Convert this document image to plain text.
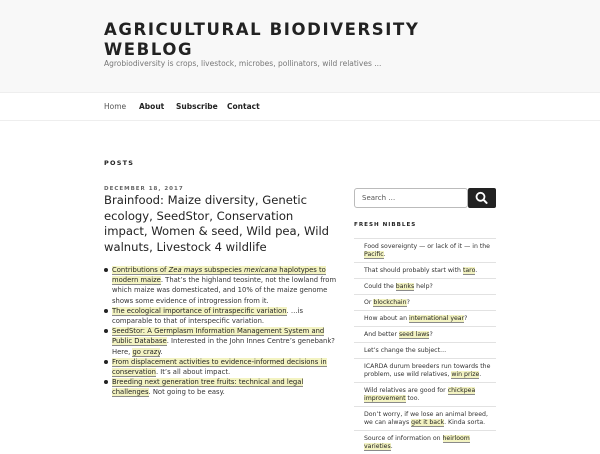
AGRICULTURAL BIODIVERSITY WEBLOG
Agrobiodiversity is crops, livestock, microbes, pollinators, wild relatives ...
Home About Subscribe Contact
POSTS
DECEMBER 18, 2017
Brainfood: Maize diversity, Genetic ecology, SeedStor, Conservation impact, Women & seed, Wild pea, Wild walnuts, Livestock 4 wildlife
Contributions of Zea mays subspecies mexicana haplotypes to modern maize. That’s the highland teosinte, not the lowland from which maize was domesticated, and 10% of the maize genome shows some evidence of introgression from it.
The ecological importance of intraspecific variation. …is comparable to that of interspecific variation.
SeedStor: A Germplasm Information Management System and Public Database. Interested in the John Innes Centre’s genebank? Here, go crazy.
From displacement activities to evidence-informed decisions in conservation. It’s all about impact.
Breeding next generation tree fruits: technical and legal challenges. Not going to be easy.
Search …
FRESH NIBBLES
Food sovereignty — or lack of it — in the Pacific.
That should probably start with taro.
Could the banks help?
Or blockchain?
How about an international year?
And better seed laws?
Let’s change the subject…
ICARDA durum breeders run towards the problem, use wild relatives, win prize.
Wild relatives are good for chickpea improvement too.
Don’t worry, if we lose an animal breed, we can always get it back. Kinda sorta.
Source of information on heirloom varieties.
